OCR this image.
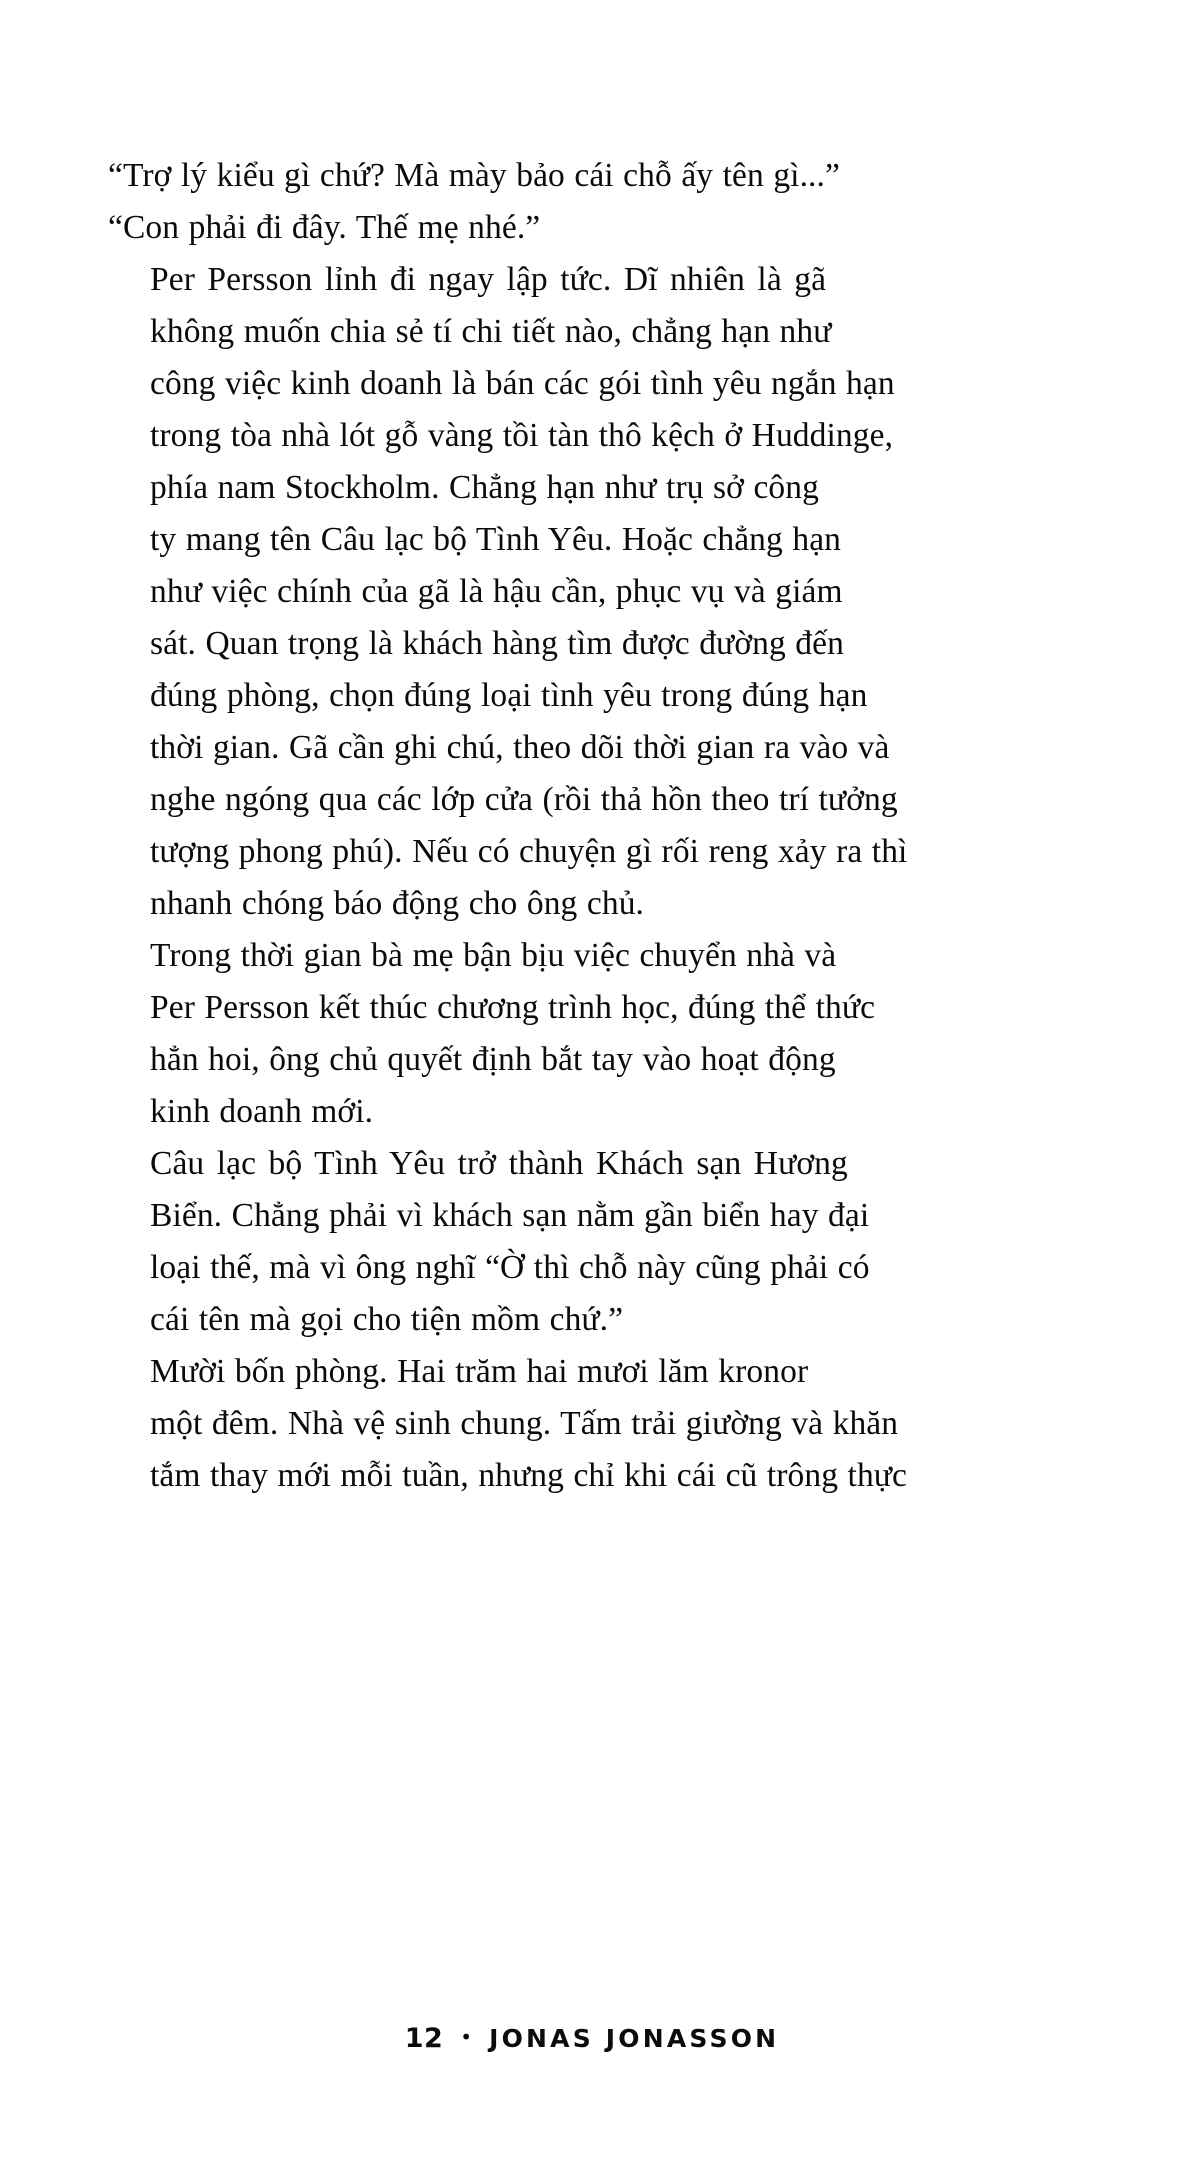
“Trợ lý kiểu gì chứ? Mà mày bảo cái chỗ ấy tên gì...”

“Con phải đi đây. Thế mẹ nhé.”

Per Persson lỉnh đi ngay lập tức. Dĩ nhiên là gã
không muốn chia sẻ tí chi tiết nào, chẳng hạn như
công việc kinh doanh là bán các gói tình yêu ngắn hạn
trong tòa nhà lót gỗ vàng tồi tàn thô kệch ở Huddinge,
phía nam Stockholm. Chẳng hạn như trụ sở công
ty mang tên Câu lạc bộ Tình Yêu. Hoặc chẳng hạn
như việc chính của gã là hậu cần, phục vụ và giám
sát. Quan trọng là khách hàng tìm được đường đến
đúng phòng, chọn đúng loại tình yêu trong đúng hạn
thời gian. Gã cần ghi chú, theo dõi thời gian ra vào và
nghe ngóng qua các lớp cửa (rồi thả hồn theo trí tưởng
tượng phong phú). Nếu có chuyện gì rối reng xảy ra thì
nhanh chóng báo động cho ông chủ.

Trong thời gian bà mẹ bận bịu việc chuyển nhà và
Per Persson kết thúc chương trình học, đúng thể thức
hẳn hoi, ông chủ quyết định bắt tay vào hoạt động
kinh doanh mới.

Câu lạc bộ Tình Yêu trở thành Khách sạn Hương
Biển. Chẳng phải vì khách sạn nằm gần biển hay đại
loại thế, mà vì ông nghĩ “Ờ thì chỗ này cũng phải có
cái tên mà gọi cho tiện mồm chứ.”

Mười bốn phòng. Hai trăm hai mươi lăm kronor
một đêm. Nhà vệ sinh chung. Tấm trải giường và khăn
tắm thay mới mỗi tuần, nhưng chỉ khi cái cũ trông thực

12 • JONAS JONASSON
